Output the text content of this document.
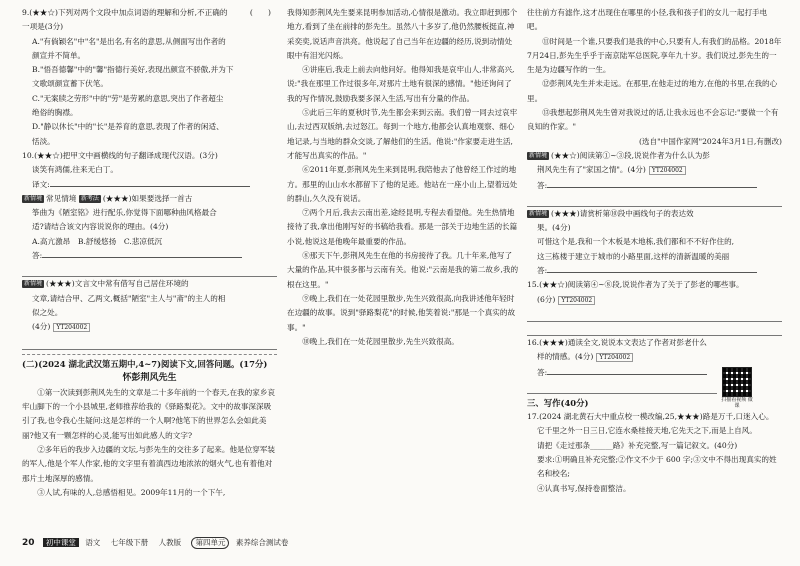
9.(★★☆)下列对两个文段中加点词语的理解和分析,不正确的	(　　)

一项是(3分)

A."有倘颖名"中"名"是出名,有名的意思,从侧面写出作者的

颜宣并不简单。

B."悟吾德馨"中的"馨"指德行美好,表现出颜宣不骄傲,并为下

文歌颂颜宣蓄下伏笔。

C."无案牍之劳形"中的"劳"是劳累的意思,突出了作者超尘

绝俗的胸襟。

D."静以休长"中的"长"是养育的意思,表现了作者的闲适、

恬淡。

10.(★★☆)把甲文中画横线的句子翻译成现代汉语。(3分)

谈笑有鸿儒,往来无白丁。

译文:

新情境 常见情境 新考法 (★★★)如果要选择一首古

筝曲为《陋室铭》进行配乐,你觉得下面哪种曲风格最合

适?请结合该文内容说说你的理由。(4分)

A.高亢激昂　B.舒缓悠扬　C.悲凉低沉

答:

新情境 (★★★)文言文中常有借写自己居住环境的

文章,请结合甲、乙两文,概括"陋室"主人与"斋"的主人的相

似之处。

(4分) YT204002

(二)(2024 湖北武汉第五期中,4~7)阅读下文,回答问题。(17分)

怀彭荆风先生

①第一次读到彭荆风先生的文章是二十多年前的一个春天,在我的家乡哀牢山脚下的一个小县城里,老师推荐给我的《驿路梨花》。文中的故事深深吸引了我,也令我心生疑问:这是怎样的一个人啊?他笔下的世界怎么会如此美丽?他又有一颗怎样的心灵,能写出如此感人的文字?

②多年后的我步入边疆的文坛,与彭先生的交往多了起来。他是位穿军装的军人,他是个军人作家,他的文字里有着滇西边地浓浓的烟火气,也有着他对那片土地深厚的感情。

③人试,有味的人,总感悟相见。2009年11月的一个下午,

我得知彭荆风先生要来昆明参加活动,心情很是激动。我立即赶到那个地方,看到了坐在前排的彭先生。虽然八十多岁了,他仍然腰板挺直,神采奕奕,说话声音洪亮。他说起了自己当年在边疆的经历,说到动情处眼中有泪光闪烁。

④讲座后,我走上前去向他问好。他得知我是哀牢山人,非常高兴,说:"我在那里工作过很多年,对那片土地有很深的感情。"他还询问了我的写作情况,鼓励我要多深入生活,写出有分量的作品。

⑤此后三年的夏秋时节,先生都会来到云南。我们曾一同去过哀牢山,去过西双版纳,去过怒江。每到一个地方,他都会认真地观察、细心地记录,与当地的群众交谈,了解他们的生活。他说:"作家要走进生活,才能写出真实的作品。"

⑥2011年夏,彭荆风先生来到昆明,我陪他去了他曾经工作过的地方。那里的山山水水都留下了他的足迹。他站在一座小山上,望着远处的群山,久久没有说话。

⑦两个月后,我去云南出差,途经昆明,专程去看望他。先生热情地接待了我,拿出他刚写好的书稿给我看。那是一部关于边地生活的长篇小说,他说这是他晚年最重要的作品。

⑧那天下午,彭荆风先生在他的书房接待了我。几十年来,他写了大量的作品,其中很多都与云南有关。他说:"云南是我的第二故乡,我的根在这里。"

⑨晚上,我们在一处花园里散步,先生兴致很高,向我讲述他年轻时在边疆的故事。说到"驿路梨花"的时候,他笑着说:"那是一个真实的故事。"

⑩晚上,我们在一处花园里散步,先生兴致很高。

往往前方有滤作,这才出现住在哪里的小径,我和孩子们的女儿一起打手电吧。

⑪时间是一个谁,只要我们是我的中心,只要有人,有我们的品格。2018年7月24日,彭先生乎乎于南京陆军总医院,享年九十岁。我们说过,彭先生的一生是为边疆写作的一生。

⑫彭荆风先生并未走远。在那里,在他走过的地方,在他的书里,在我的心里。

⑬我想起彭荆风先生曾对我说过的话,让我永远也不会忘记:"要做一个有良知的作家。"

(选自"中国作家网"2024年3月1日,有删改)

新情境 (★★☆)阅读第①~③段,说说作者为什么认为彭

荆风先生有了"家国之情"。(4分) YT204002

答:

新情境 (★★★)请赏析第⑩段中画线句子的表达效

果。(4分)

可惜这个是,我和一个木板是木地栋,我们都和不不好作住的,

这三栋楼于建立于城市的小路里面,这样的清新温暖的美丽

答:

15.(★★☆)阅读第④~⑧段,说说作者为了关于了彭老的哪些事。

(6分) YT204002

16.(★★★)通读全文,说说本文表达了作者对彭老什么

样的情感。(4分) YT204002

答:

三、写作(40分)

17.(2024 湖北黄石大中重点校一模改编,25,★★★)路是万千,口迷入心。

它千里之外一日三日,它连水桑桂接天地,它先天之下,而是上自风。

请把《走过那条______路》补充完整,写一篇记叙文。(40分)

要求:①明确且补充完整;②作文不少于 600 字;③文中不得出现真实的姓名和校名;

④认真书写,保持卷面整洁。

扫描看视频 微课
20 初中课堂 语文 七年级下册 人教版 第四单元 素养综合测试卷
